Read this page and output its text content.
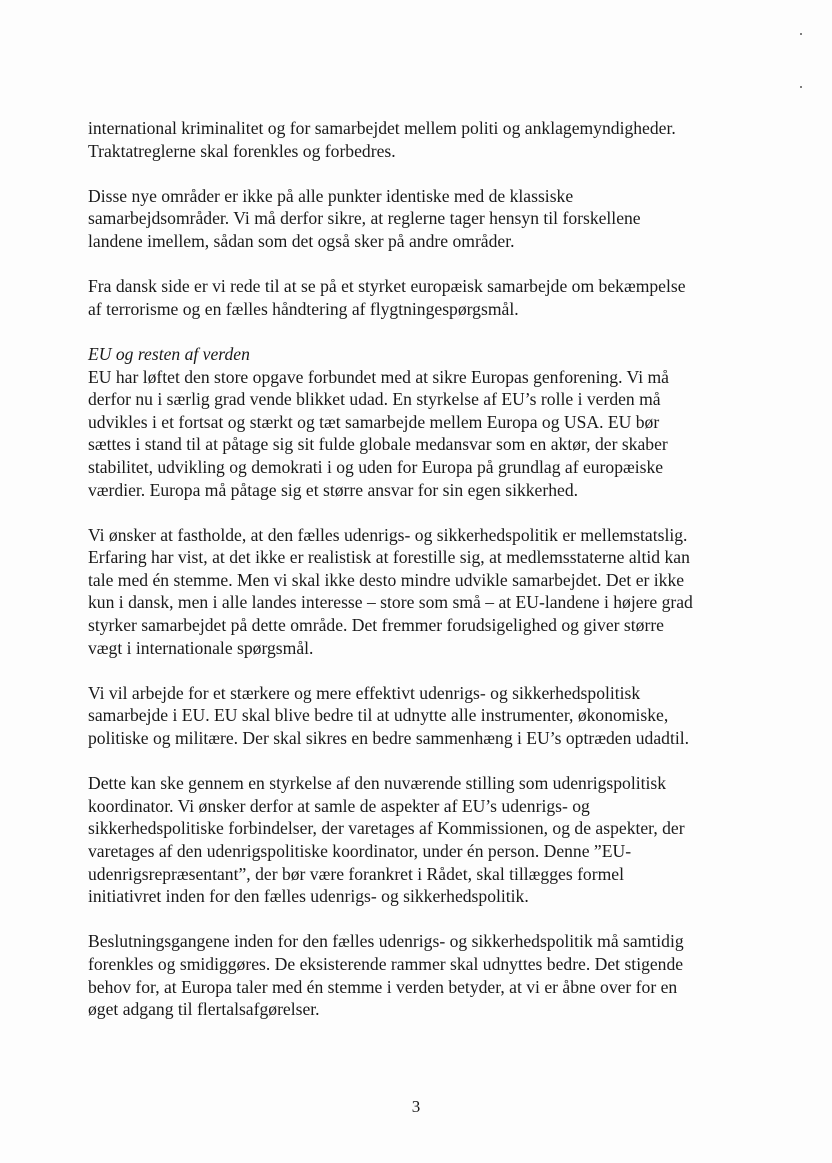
international kriminalitet og for samarbejdet mellem politi og anklagemyndigheder.
Traktatreglerne skal forenkles og forbedres.
Disse nye områder er ikke på alle punkter identiske med de klassiske
samarbejdsområder. Vi må derfor sikre, at reglerne tager hensyn til forskellene
landene imellem, sådan som det også sker på andre områder.
Fra dansk side er vi rede til at se på et styrket europæisk samarbejde om bekæmpelse
af terrorisme og en fælles håndtering af flygtningespørgsmål.
EU og resten af verden
EU har løftet den store opgave forbundet med at sikre Europas genforening. Vi må
derfor nu i særlig grad vende blikket udad. En styrkelse af EU’s rolle i verden må
udvikles i et fortsat og stærkt og tæt samarbejde mellem Europa og USA. EU bør
sættes i stand til at påtage sig sit fulde globale medansvar som en aktør, der skaber
stabilitet, udvikling og demokrati i og uden for Europa på grundlag af europæiske
værdier. Europa må påtage sig et større ansvar for sin egen sikkerhed.
Vi ønsker at fastholde, at den fælles udenrigs- og sikkerhedspolitik er mellemstatslig.
Erfaring har vist, at det ikke er realistisk at forestille sig, at medlemsstaterne altid kan
tale med én stemme. Men vi skal ikke desto mindre udvikle samarbejdet. Det er ikke
kun i dansk, men i alle landes interesse – store som små – at EU-landene i højere grad
styrker samarbejdet på dette område. Det fremmer forudsigelighed og giver større
vægt i internationale spørgsmål.
Vi vil arbejde for et stærkere og mere effektivt udenrigs- og sikkerhedspolitisk
samarbejde i EU. EU skal blive bedre til at udnytte alle instrumenter, økonomiske,
politiske og militære. Der skal sikres en bedre sammenhæng i EU’s optræden udadtil.
Dette kan ske gennem en styrkelse af den nuværende stilling som udenrigspolitisk
koordinator. Vi ønsker derfor at samle de aspekter af EU’s udenrigs- og
sikkerhedspolitiske forbindelser, der varetages af Kommissionen, og de aspekter, der
varetages af den udenrigspolitiske koordinator, under én person. Denne ”EU-
udenrigsrepræsentant”, der bør være forankret i Rådet, skal tillægges formel
initiativret inden for den fælles udenrigs- og sikkerhedspolitik.
Beslutningsgangene inden for den fælles udenrigs- og sikkerhedspolitik må samtidig
forenkles og smidiggøres. De eksisterende rammer skal udnyttes bedre. Det stigende
behov for, at Europa taler med én stemme i verden betyder, at vi er åbne over for en
øget adgang til flertalsafgørelser.
3
